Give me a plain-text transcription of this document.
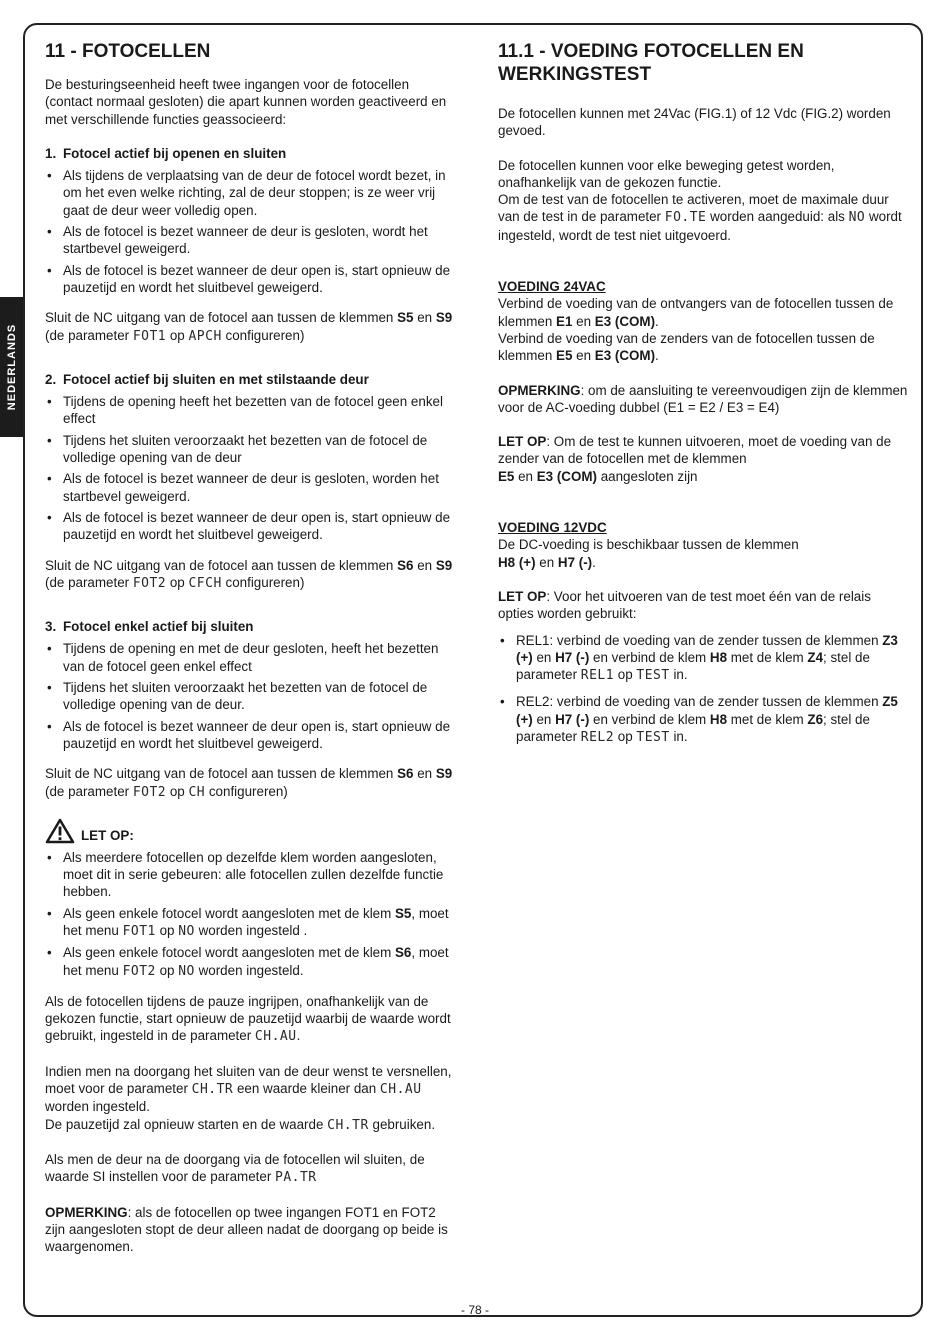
NEDERLANDS
11 - FOTOCELLEN

De besturingseenheid heeft twee ingangen voor de fotocellen (contact normaal gesloten) die apart kunnen worden geactiveerd en met verschillende functies geassocieerd:

1. Fotocel actief bij openen en sluiten
• Als tijdens de verplaatsing van de deur de fotocel wordt bezet, in om het even welke richting, zal de deur stoppen; is ze weer vrij gaat de deur weer volledig open.
• Als de fotocel is bezet wanneer de deur is gesloten, wordt het startbevel geweigerd.
• Als de fotocel is bezet wanneer de deur open is, start opnieuw de pauzetijd en wordt het sluitbevel geweigerd.

Sluit de NC uitgang van de fotocel aan tussen de klemmen S5 en S9 (de parameter FOT1 op APCH configureren)

2. Fotocel actief bij sluiten en met stilstaande deur
• Tijdens de opening heeft het bezetten van de fotocel geen enkel effect
• Tijdens het sluiten veroorzaakt het bezetten van de fotocel de volledige opening van de deur
• Als de fotocel is bezet wanneer de deur is gesloten, worden het startbevel geweigerd.
• Als de fotocel is bezet wanneer de deur open is, start opnieuw de pauzetijd en wordt het sluitbevel geweigerd.

Sluit de NC uitgang van de fotocel aan tussen de klemmen S6 en S9 (de parameter FOT2 op CFCH configureren)

3. Fotocel enkel actief bij sluiten
• Tijdens de opening en met de deur gesloten, heeft het bezetten van de fotocel geen enkel effect
• Tijdens het sluiten veroorzaakt het bezetten van de fotocel de volledige opening van de deur.
• Als de fotocel is bezet wanneer de deur open is, start opnieuw de pauzetijd en wordt het sluitbevel geweigerd.

Sluit de NC uitgang van de fotocel aan tussen de klemmen S6 en S9 (de parameter FOT2 op CH configureren)

LET OP:
• Als meerdere fotocellen op dezelfde klem worden aangesloten, moet dit in serie gebeuren: alle fotocellen zullen dezelfde functie hebben.
• Als geen enkele fotocel wordt aangesloten met de klem S5, moet het menu FOT1 op NO worden ingesteld .
• Als geen enkele fotocel wordt aangesloten met de klem S6, moet het menu FOT2 op NO worden ingesteld.

Als de fotocellen tijdens de pauze ingrijpen, onafhankelijk van de gekozen functie, start opnieuw de pauzetijd waarbij de waarde wordt gebruikt, ingesteld in de parameter CH.AU.

Indien men na doorgang het sluiten van de deur wenst te versnellen, moet voor de parameter CH.TR een waarde kleiner dan CH.AU worden ingesteld.
De pauzetijd zal opnieuw starten en de waarde CH.TR gebruiken.

Als men de deur na de doorgang via de fotocellen wil sluiten, de waarde SI instellen voor de parameter PA.TR

OPMERKING: als de fotocellen op twee ingangen FOT1 en FOT2 zijn aangesloten stopt de deur alleen nadat de doorgang op beide is waargenomen.

11.1 - VOEDING FOTOCELLEN EN WERKINGSTEST

De fotocellen kunnen met 24Vac (FIG.1) of 12 Vdc (FIG.2) worden gevoed.

De fotocellen kunnen voor elke beweging getest worden, onafhankelijk van de gekozen functie.

Om de test van de fotocellen te activeren, moet de maximale duur van de test in de parameter FO.TE worden aangeduid: als NO wordt ingesteld, wordt de test niet uitgevoerd.

VOEDING 24VAC

Verbind de voeding van de ontvangers van de fotocellen tussen de klemmen E1 en E3 (COM).

Verbind de voeding van de zenders van de fotocellen tussen de klemmen E5 en E3 (COM).

OPMERKING: om de aansluiting te vereenvoudigen zijn de klemmen voor de AC-voeding dubbel (E1 = E2 / E3 = E4)

LET OP: Om de test te kunnen uitvoeren, moet de voeding van de zender van de fotocellen met de klemmen
E5 en E3 (COM) aangesloten zijn

VOEDING 12VDC

De DC-voeding is beschikbaar tussen de klemmen
H8 (+) en H7 (-).

LET OP: Voor het uitvoeren van de test moet één van de relais opties worden gebruikt:

• REL1: verbind de voeding van de zender tussen de klemmen Z3 (+) en H7 (-) en verbind de klem H8 met de klem Z4; stel de parameter REL1 op TEST in.
• REL2: verbind de voeding van de zender tussen de klemmen Z5 (+) en H7 (-) en verbind de klem H8 met de klem Z6; stel de parameter REL2 op TEST in.
- 78 -
